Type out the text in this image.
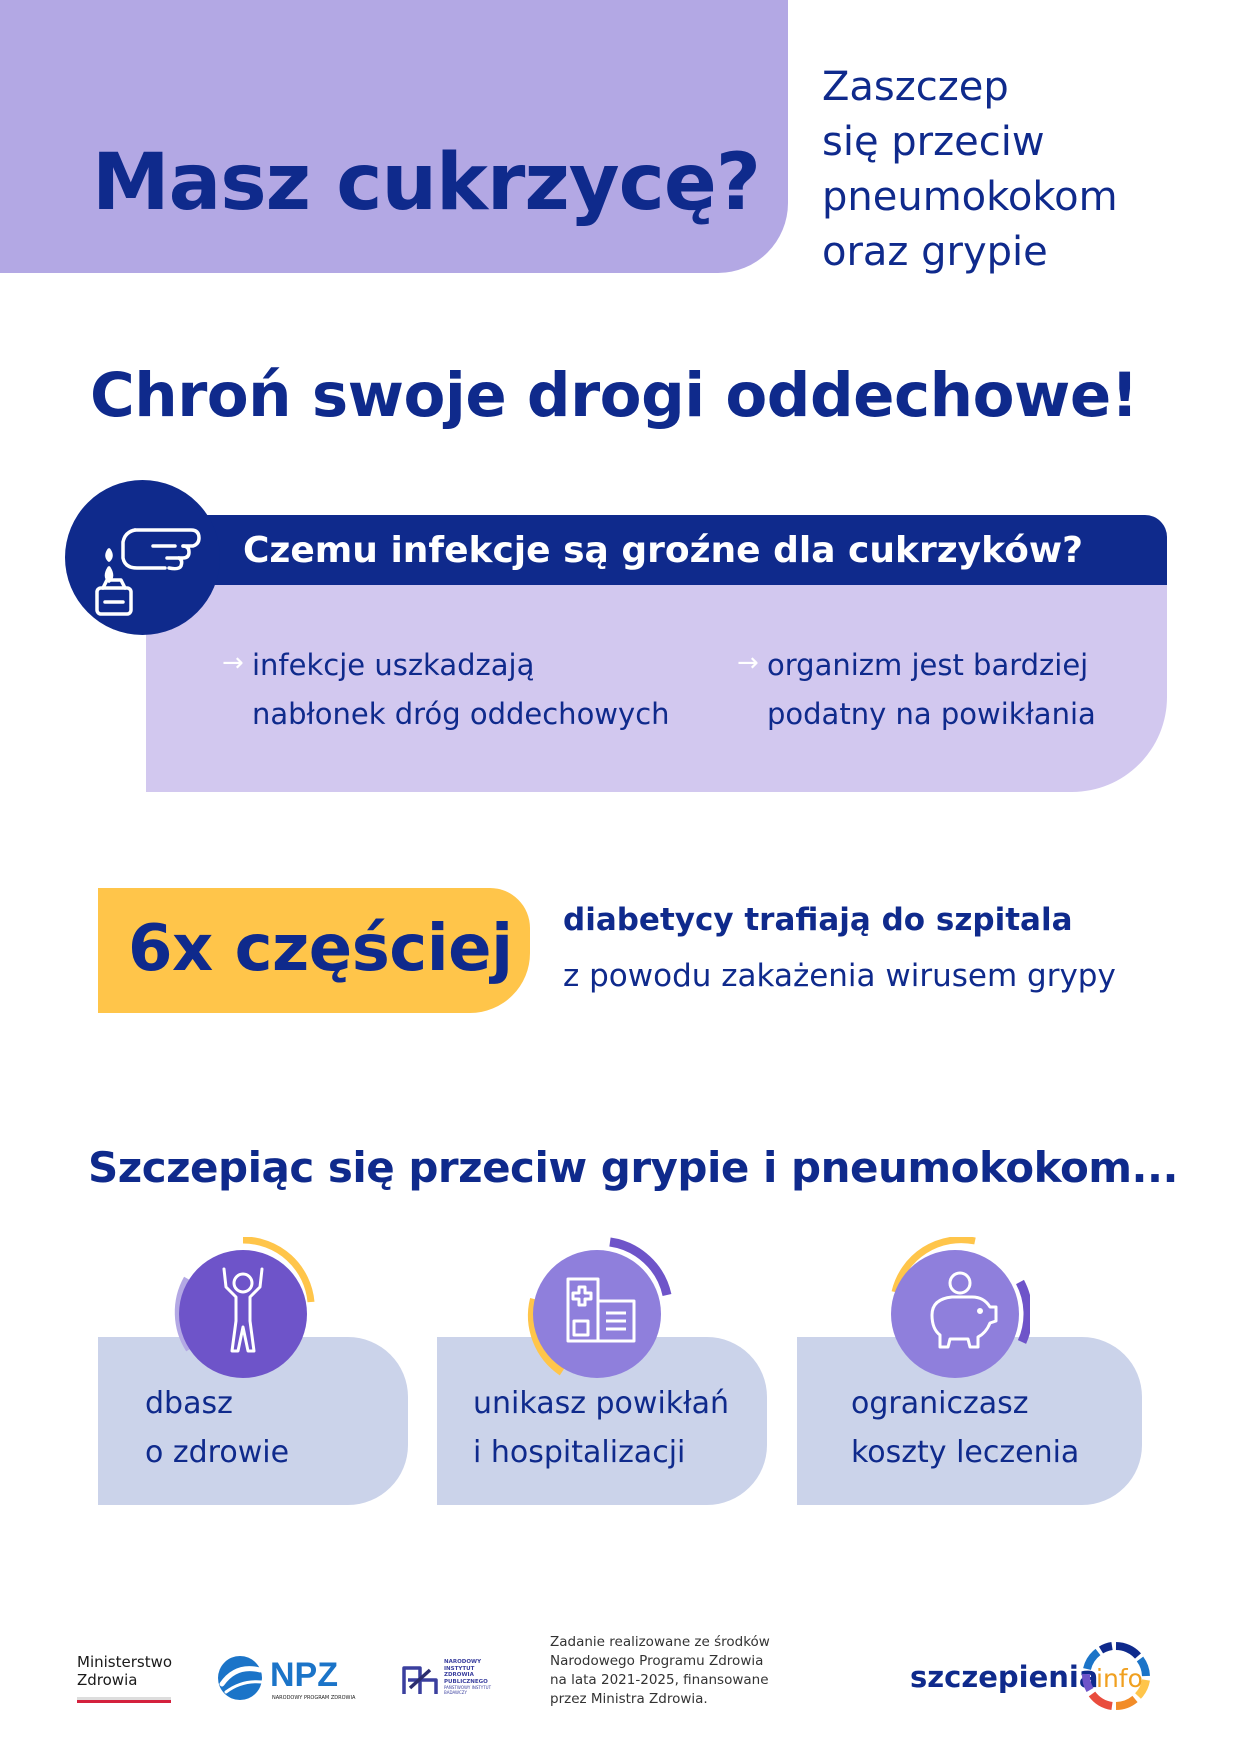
Masz cukrzycę?
Zaszczep
się przeciw
pneumokokom
oraz grypie
Chroń swoje drogi oddechowe!
Czemu infekcje są groźne dla cukrzyków?
→ infekcje uszkadzają
nabłonek dróg oddechowych
→ organizm jest bardziej
podatny na powikłania
6x częściej diabetycy trafiają do szpitala
z powodu zakażenia wirusem grypy
Szczepiąc się przeciw grypie i pneumokokom...
dbasz
o zdrowie
unikasz powikłań
i hospitalizacji
ograniczasz
koszty leczenia
Ministerstwo
Zdrowia	NPZ
NARODOWY PROGRAM ZDROWIA
NARODOWY
INSTYTUT
ZDROWIA
PUBLICZNEGO
PAŃSTWOWY INSTYTUT
BADAWCZY
Zadanie realizowane ze środków
Narodowego Programu Zdrowia
na lata 2021-2025, finansowane
przez Ministra Zdrowia.
szczepienia
info
